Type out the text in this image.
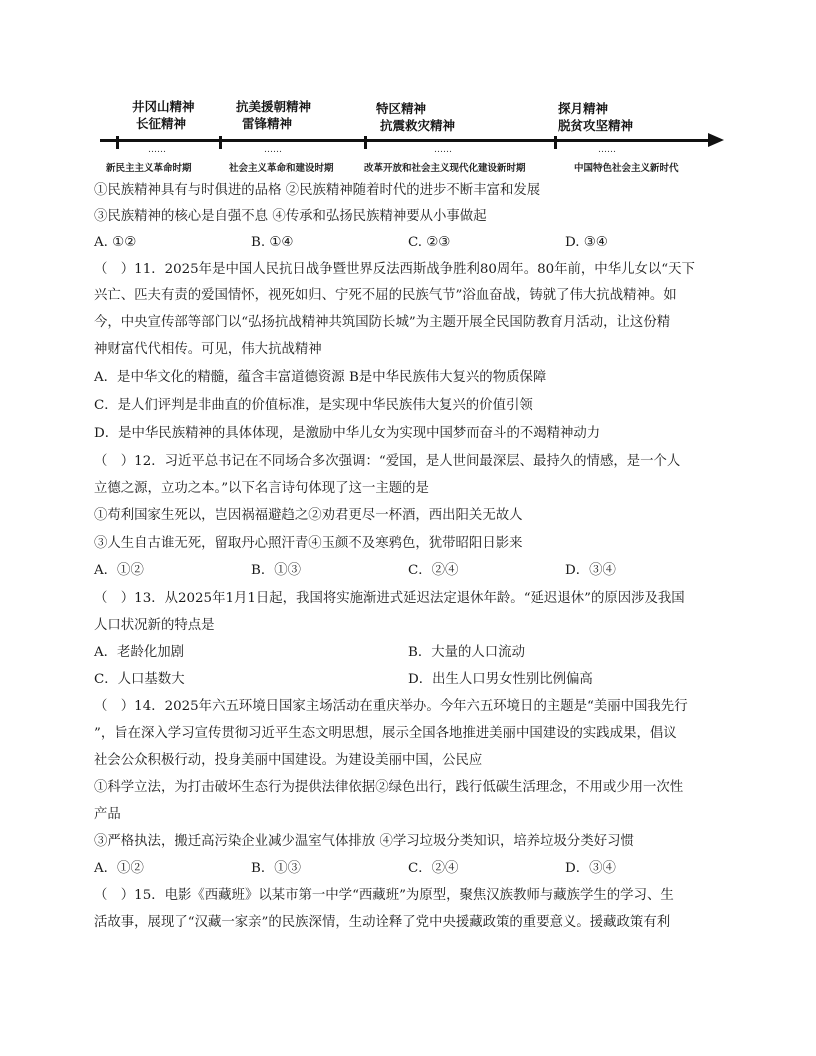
井冈山精神
长征精神
抗美援朝精神
雷锋精神
特区精神
抗震救灾精神
探月精神
脱贫攻坚精神
……	……	……	……
新民主主义革命时期	社会主义革命和建设时期	改革开放和社会主义现代化建设新时期	中国特色社会主义新时代
①民族精神具有与时俱进的品格 ②民族精神随着时代的进步不断丰富和发展
③民族精神的核心是自强不息 ④传承和弘扬民族精神要从小事做起
A. ①②	B. ①④	C. ②③	D. ③④
（　）11．2025年是中国人民抗日战争暨世界反法西斯战争胜利80周年。80年前，中华儿女以“天下
兴亡、匹夫有责的爱国情怀，视死如归、宁死不屈的民族气节”浴血奋战，铸就了伟大抗战精神。如
今，中央宣传部等部门以“弘扬抗战精神共筑国防长城”为主题开展全民国防教育月活动，让这份精
神财富代代相传。可见，伟大抗战精神
A．是中华文化的精髓，蕴含丰富道德资源 B是中华民族伟大复兴的物质保障
C．是人们评判是非曲直的价值标准，是实现中华民族伟大复兴的价值引领
D．是中华民族精神的具体体现，是激励中华儿女为实现中国梦而奋斗的不竭精神动力
（　）12．习近平总书记在不同场合多次强调：“爱国，是人世间最深层、最持久的情感，是一个人
立德之源，立功之本。”以下名言诗句体现了这一主题的是
①苟利国家生死以，岂因祸福避趋之②劝君更尽一杯酒，西出阳关无故人
③人生自古谁无死，留取丹心照汗青④玉颜不及寒鸦色，犹带昭阳日影来
A．①②	B．①③	C．②④	D．③④
（　）13．从2025年1月1日起，我国将实施渐进式延迟法定退休年龄。“延迟退休”的原因涉及我国
人口状况新的特点是
A．老龄化加剧	B．大量的人口流动
C．人口基数大	D．出生人口男女性别比例偏高
（　）14．2025年六五环境日国家主场活动在重庆举办。今年六五环境日的主题是“美丽中国我先行
”，旨在深入学习宣传贯彻习近平生态文明思想，展示全国各地推进美丽中国建设的实践成果，倡议
社会公众积极行动，投身美丽中国建设。为建设美丽中国，公民应
①科学立法，为打击破坏生态行为提供法律依据②绿色出行，践行低碳生活理念，不用或少用一次性
产品
③严格执法，搬迁高污染企业减少温室气体排放 ④学习垃圾分类知识，培养垃圾分类好习惯
A．①②	B．①③	C．②④	D．③④
（　）15．电影《西藏班》以某市第一中学“西藏班”为原型，聚焦汉族教师与藏族学生的学习、生
活故事，展现了“汉藏一家亲”的民族深情，生动诠释了党中央援藏政策的重要意义。援藏政策有利
